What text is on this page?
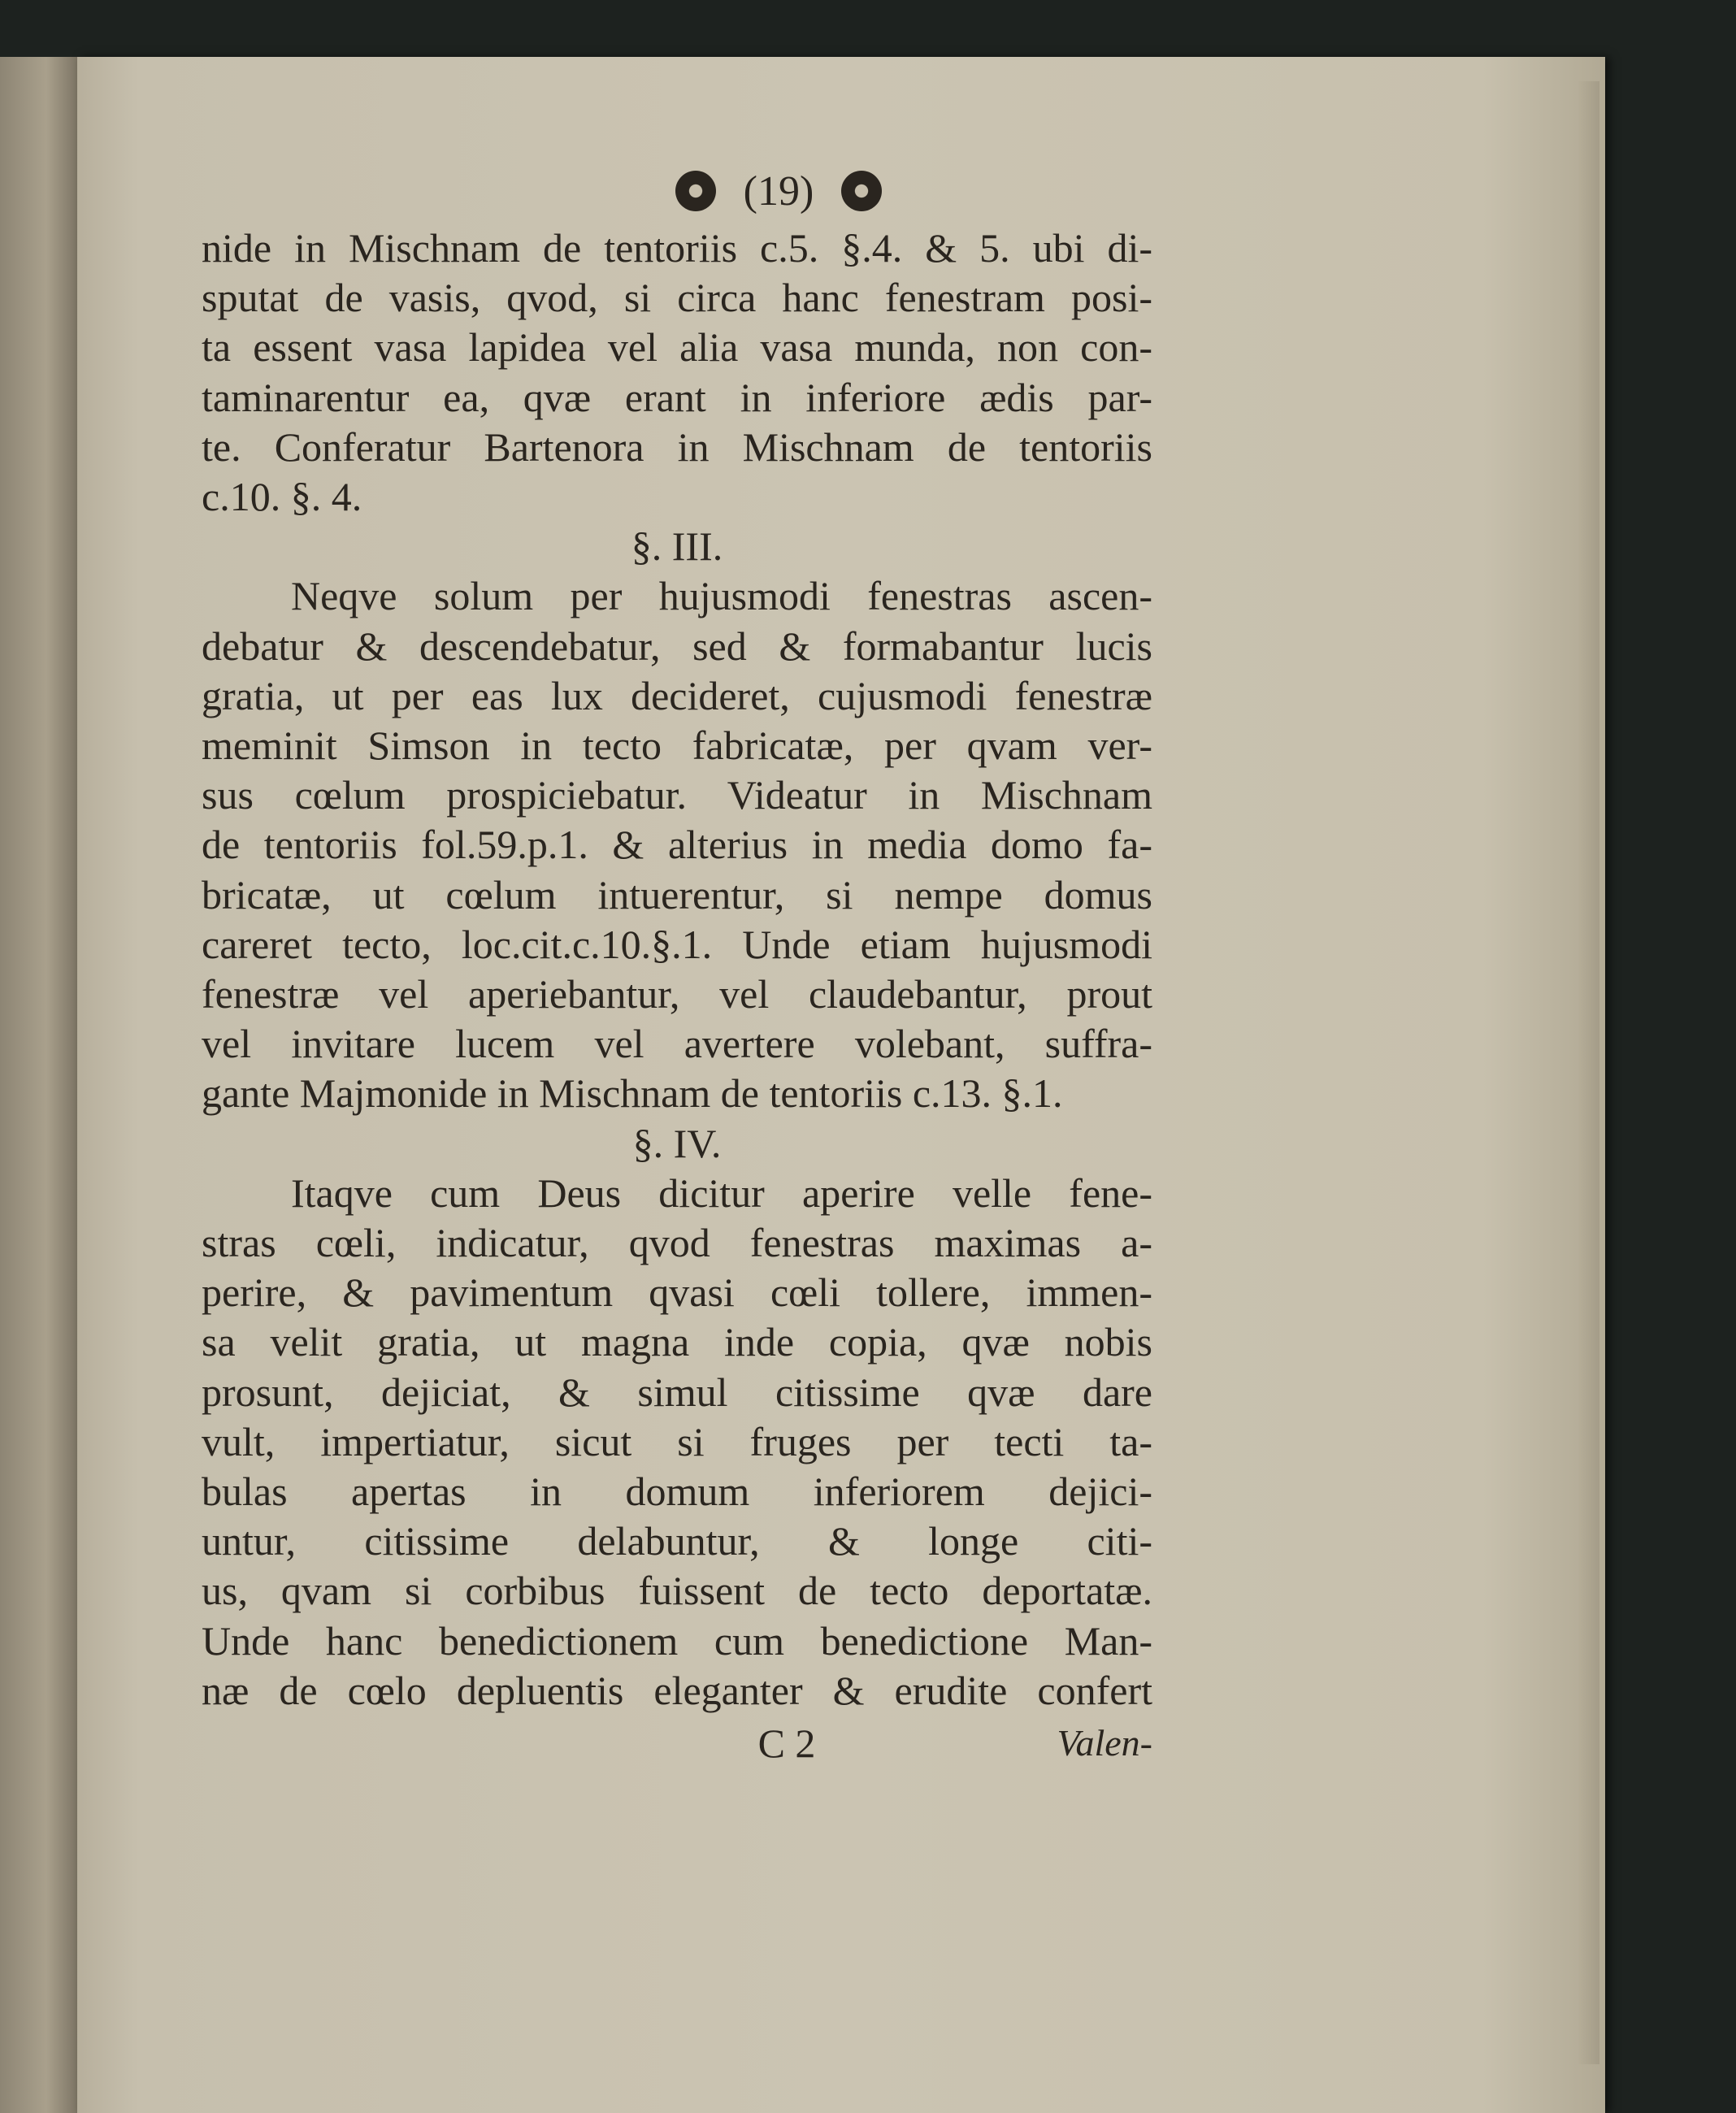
(19)
nide in Mischnam de tentoriis c.5. §.4. & 5. ubi di-
sputat de vasis, qvod, si circa hanc fenestram posi-
ta essent vasa lapidea vel alia vasa munda, non con-
taminarentur ea, qvæ erant in inferiore ædis par-
te. Conferatur Bartenora in Mischnam de tentoriis
c.10. §. 4.
§. III.
Neqve solum per hujusmodi fenestras ascen-
debatur & descendebatur, sed & formabantur lucis
gratia, ut per eas lux decideret, cujusmodi fenestræ
meminit Simson in tecto fabricatæ, per qvam ver-
sus cœlum prospiciebatur. Videatur in Mischnam
de tentoriis fol.59.p.1. & alterius in media domo fa-
bricatæ, ut cœlum intuerentur, si nempe domus
careret tecto, loc.cit.c.10.§.1. Unde etiam hujusmodi
fenestræ vel aperiebantur, vel claudebantur, prout
vel invitare lucem vel avertere volebant, suffra-
gante Majmonide in Mischnam de tentoriis c.13. §.1.
§. IV.
Itaqve cum Deus dicitur aperire velle fene-
stras cœli, indicatur, qvod fenestras maximas a-
perire, & pavimentum qvasi cœli tollere, immen-
sa velit gratia, ut magna inde copia, qvæ nobis
prosunt, dejiciat, & simul citissime qvæ dare
vult, impertiatur, sicut si fruges per tecti ta-
bulas apertas in domum inferiorem dejici-
untur, citissime delabuntur, & longe citi-
us, qvam si corbibus fuissent de tecto deportatæ.
Unde hanc benedictionem cum benedictione Man-
næ de cœlo depluentis eleganter & erudite confert
C 2	Valen-
